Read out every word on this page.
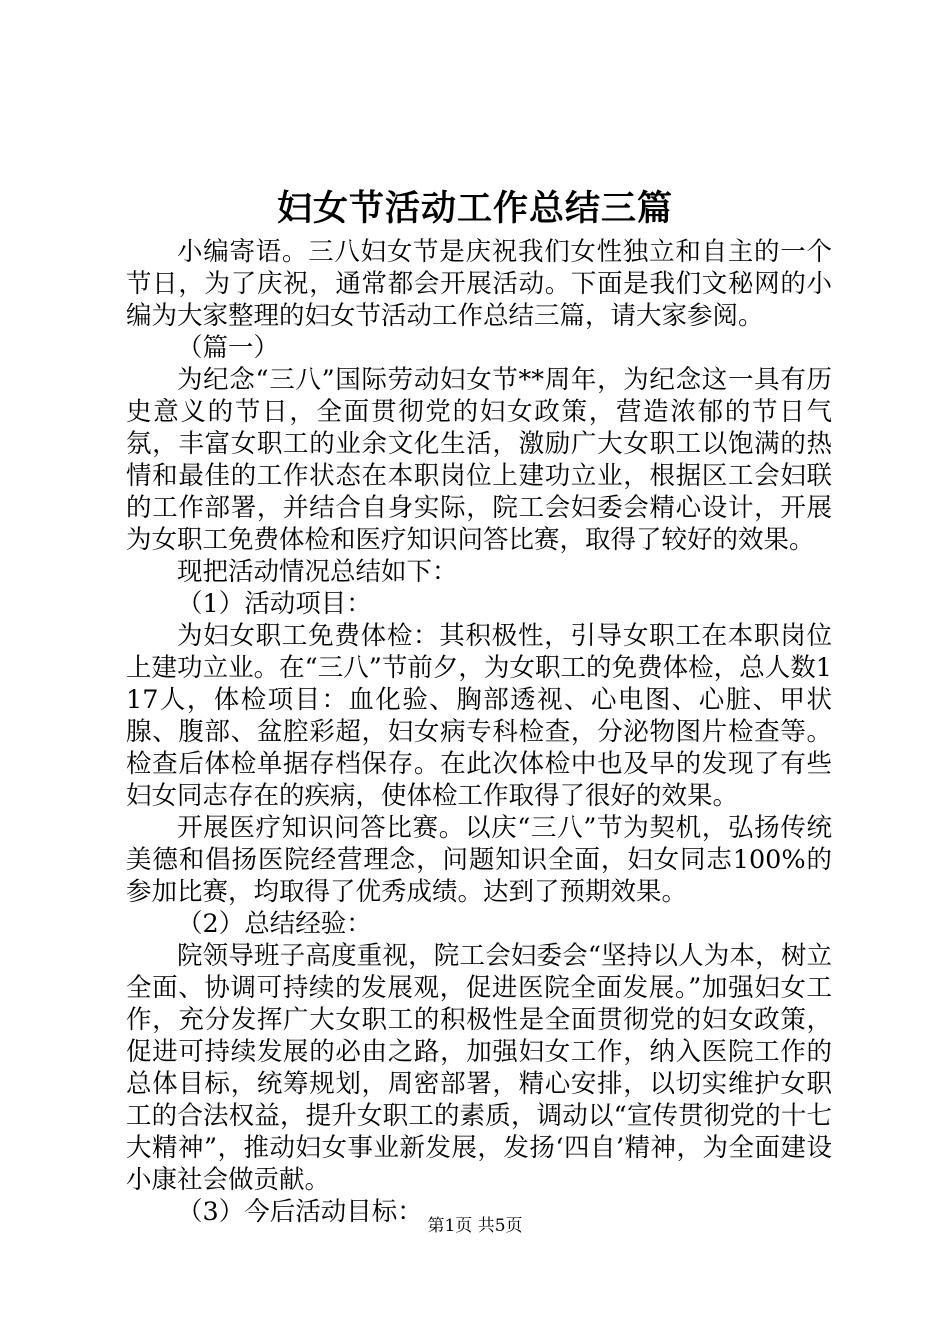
妇女节活动工作总结三篇

小编寄语。三八妇女节是庆祝我们女性独立和自主的一个节日，为了庆祝，通常都会开展活动。下面是我们文秘网的小编为大家整理的妇女节活动工作总结三篇，请大家参阅。

（篇一）

为纪念“三八”国际劳动妇女节**周年，为纪念这一具有历史意义的节日，全面贯彻党的妇女政策，营造浓郁的节日气氛，丰富女职工的业余文化生活，激励广大女职工以饱满的热情和最佳的工作状态在本职岗位上建功立业，根据区工会妇联的工作部署，并结合自身实际，院工会妇委会精心设计，开展为女职工免费体检和医疗知识问答比赛，取得了较好的效果。

现把活动情况总结如下：

（1）活动项目：

为妇女职工免费体检：其积极性，引导女职工在本职岗位上建功立业。在“三八”节前夕，为女职工的免费体检，总人数117人，体检项目：血化验、胸部透视、心电图、心脏、甲状腺、腹部、盆腔彩超，妇女病专科检查，分泌物图片检查等。检查后体检单据存档保存。在此次体检中也及早的发现了有些妇女同志存在的疾病，使体检工作取得了很好的效果。

开展医疗知识问答比赛。以庆“三八”节为契机，弘扬传统美德和倡扬医院经营理念，问题知识全面，妇女同志100%的参加比赛，均取得了优秀成绩。达到了预期效果。

（2）总结经验：

院领导班子高度重视，院工会妇委会“坚持以人为本，树立全面、协调可持续的发展观，促进医院全面发展。”加强妇女工作，充分发挥广大女职工的积极性是全面贯彻党的妇女政策，促进可持续发展的必由之路，加强妇女工作，纳入医院工作的总体目标，统筹规划，周密部署，精心安排，以切实维护女职工的合法权益，提升女职工的素质，调动以“宣传贯彻党的十七大精神”，推动妇女事业新发展，发扬‘四自’精神，为全面建设小康社会做贡献。

（3）今后活动目标： 第1页 共5页
